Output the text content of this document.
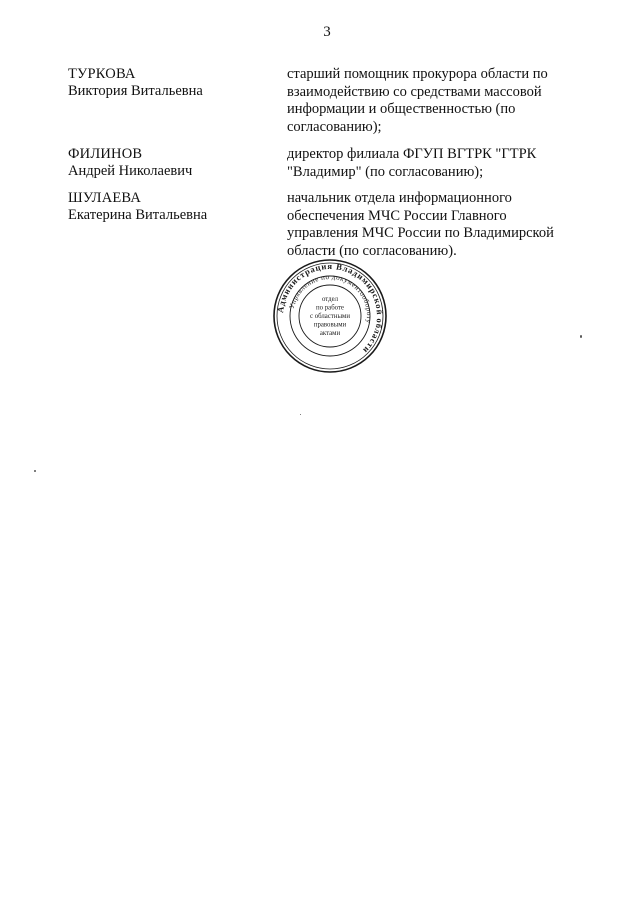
3
ТУРКОВА
Виктория Витальевна
старший помощник прокурора области по взаимодействию со средствами массовой информации и общественностью (по согласованию);
ФИЛИНОВ
Андрей Николаевич
директор филиала ФГУП ВГТРК "ГТРК "Владимир" (по согласованию);
ШУЛАЕВА
Екатерина Витальевна
начальник отдела информационного обеспечения МЧС России Главного управления МЧС России по Владимирской области (по согласованию).
Администрация Владимирской области
Управление по документообороту
отдел
по работе
с областными
правовыми
актами
